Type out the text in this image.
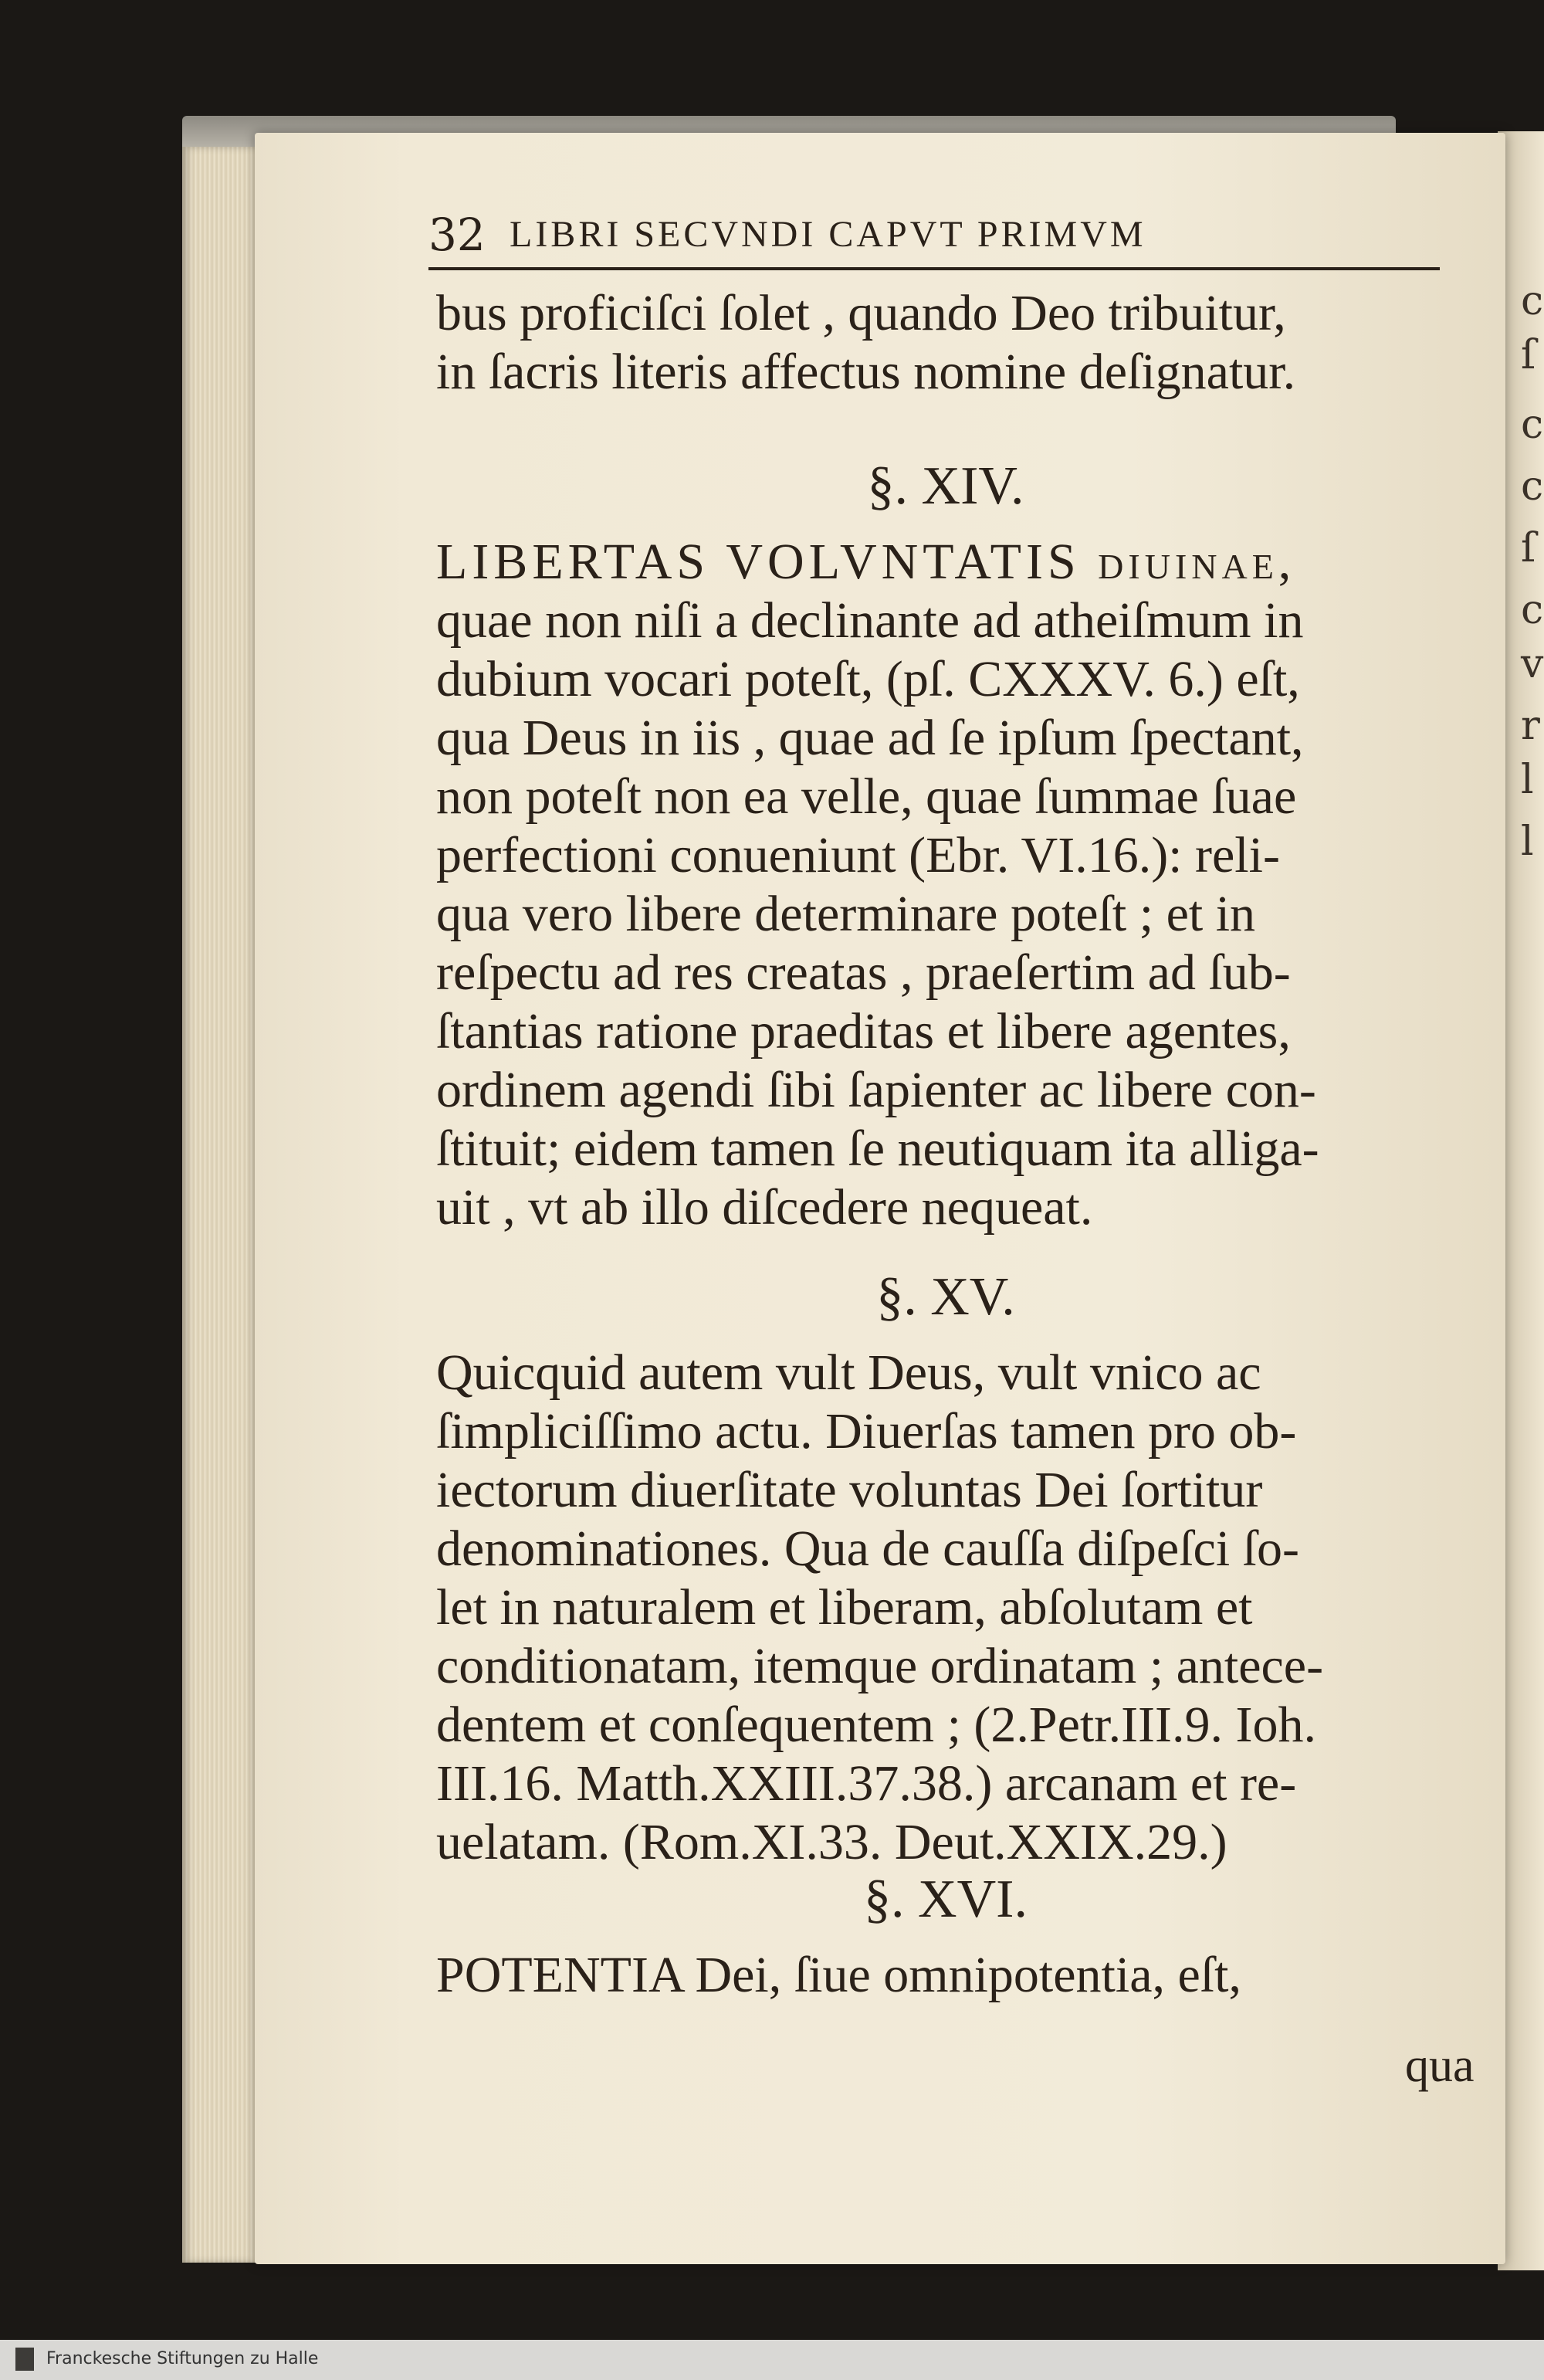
c
ſ
c
c
ſ
c
v
r
l
l
32 LIBRI SECVNDI CAPVT PRIMVM
bus proficiſci ſolet , quando Deo tribuitur,
in ſacris literis affectus nomine deſignatur.
§. XIV.
LIBERTAS VOLVNTATIS diuinae,
quae non niſi a declinante ad atheiſmum in
dubium vocari poteſt, (pſ. CXXXV. 6.) eſt,
qua Deus in iis , quae ad ſe ipſum ſpectant,
non poteſt non ea velle, quae ſummae ſuae
perfectioni conueniunt (Ebr. VI.16.): reli-
qua vero libere determinare poteſt ; et in
reſpectu ad res creatas , praeſertim ad ſub-
ſtantias ratione praeditas et libere agentes,
ordinem agendi ſibi ſapienter ac libere con-
ſtituit; eidem tamen ſe neutiquam ita alliga-
uit , vt ab illo diſcedere nequeat.
§. XV.
Quicquid autem vult Deus, vult vnico ac
ſimpliciſſimo actu. Diuerſas tamen pro ob-
iectorum diuerſitate voluntas Dei ſortitur
denominationes. Qua de cauſſa diſpeſci ſo-
let in naturalem et liberam, abſolutam et
conditionatam, itemque ordinatam ; antece-
dentem et conſequentem ; (2.Petr.III.9. Ioh.
III.16. Matth.XXIII.37.38.) arcanam et re-
uelatam. (Rom.XI.33. Deut.XXIX.29.)
§. XVI.
POTENTIA Dei, ſiue omnipotentia, eſt,
qua
Franckesche Stiftungen zu Halle
